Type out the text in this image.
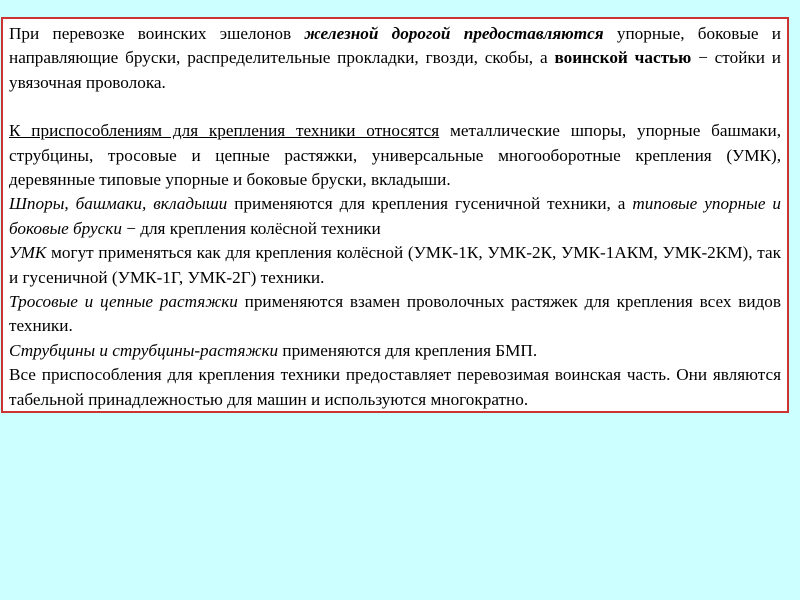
При перевозке воинских эшелонов железной дорогой предоставляются упорные, боковые и направляющие бруски, распределительные прокладки, гвозди, скобы, а воинской частью − стойки и увязочная проволока.

К приспособлениям для крепления техники относятся металлические шпоры, упорные башмаки, струбцины, тросовые и цепные растяжки, универсальные многооборотные крепления (УМК), деревянные типовые упорные и боковые бруски, вкладыши.

Шпоры, башмаки, вкладыши применяются для крепления гусеничной техники, а типовые упорные и боковые бруски − для крепления колёсной техники

УМК могут применяться как для крепления колёсной (УМК-1К, УМК-2К, УМК-1АКМ, УМК-2КМ), так и гусеничной (УМК-1Г, УМК-2Г) техники.

Тросовые и цепные растяжки применяются взамен проволочных растяжек для крепления всех видов техники.

Струбцины и струбцины-растяжки применяются для крепления БМП.

Все приспособления для крепления техники предоставляет перевозимая воинская часть. Они являются табельной принадлежностью для машин и используются многократно.
